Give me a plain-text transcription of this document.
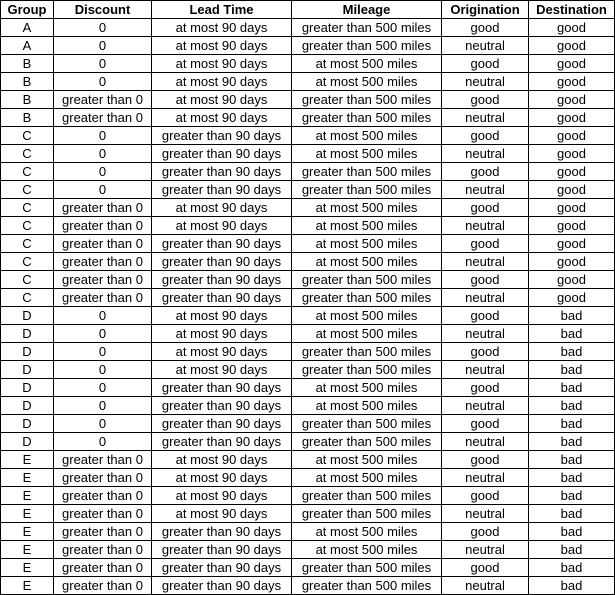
Group	Discount	Lead Time	Mileage	Origination	Destination
A	0	at most 90 days	greater than 500 miles	good	good
A	0	at most 90 days	greater than 500 miles	neutral	good
B	0	at most 90 days	at most 500 miles	good	good
B	0	at most 90 days	at most 500 miles	neutral	good
B	greater than 0	at most 90 days	greater than 500 miles	good	good
B	greater than 0	at most 90 days	greater than 500 miles	neutral	good
C	0	greater than 90 days	at most 500 miles	good	good
C	0	greater than 90 days	at most 500 miles	neutral	good
C	0	greater than 90 days	greater than 500 miles	good	good
C	0	greater than 90 days	greater than 500 miles	neutral	good
C	greater than 0	at most 90 days	at most 500 miles	good	good
C	greater than 0	at most 90 days	at most 500 miles	neutral	good
C	greater than 0	greater than 90 days	at most 500 miles	good	good
C	greater than 0	greater than 90 days	at most 500 miles	neutral	good
C	greater than 0	greater than 90 days	greater than 500 miles	good	good
C	greater than 0	greater than 90 days	greater than 500 miles	neutral	good
D	0	at most 90 days	at most 500 miles	good	bad
D	0	at most 90 days	at most 500 miles	neutral	bad
D	0	at most 90 days	greater than 500 miles	good	bad
D	0	at most 90 days	greater than 500 miles	neutral	bad
D	0	greater than 90 days	at most 500 miles	good	bad
D	0	greater than 90 days	at most 500 miles	neutral	bad
D	0	greater than 90 days	greater than 500 miles	good	bad
D	0	greater than 90 days	greater than 500 miles	neutral	bad
E	greater than 0	at most 90 days	at most 500 miles	good	bad
E	greater than 0	at most 90 days	at most 500 miles	neutral	bad
E	greater than 0	at most 90 days	greater than 500 miles	good	bad
E	greater than 0	at most 90 days	greater than 500 miles	neutral	bad
E	greater than 0	greater than 90 days	at most 500 miles	good	bad
E	greater than 0	greater than 90 days	at most 500 miles	neutral	bad
E	greater than 0	greater than 90 days	greater than 500 miles	good	bad
E	greater than 0	greater than 90 days	greater than 500 miles	neutral	bad
